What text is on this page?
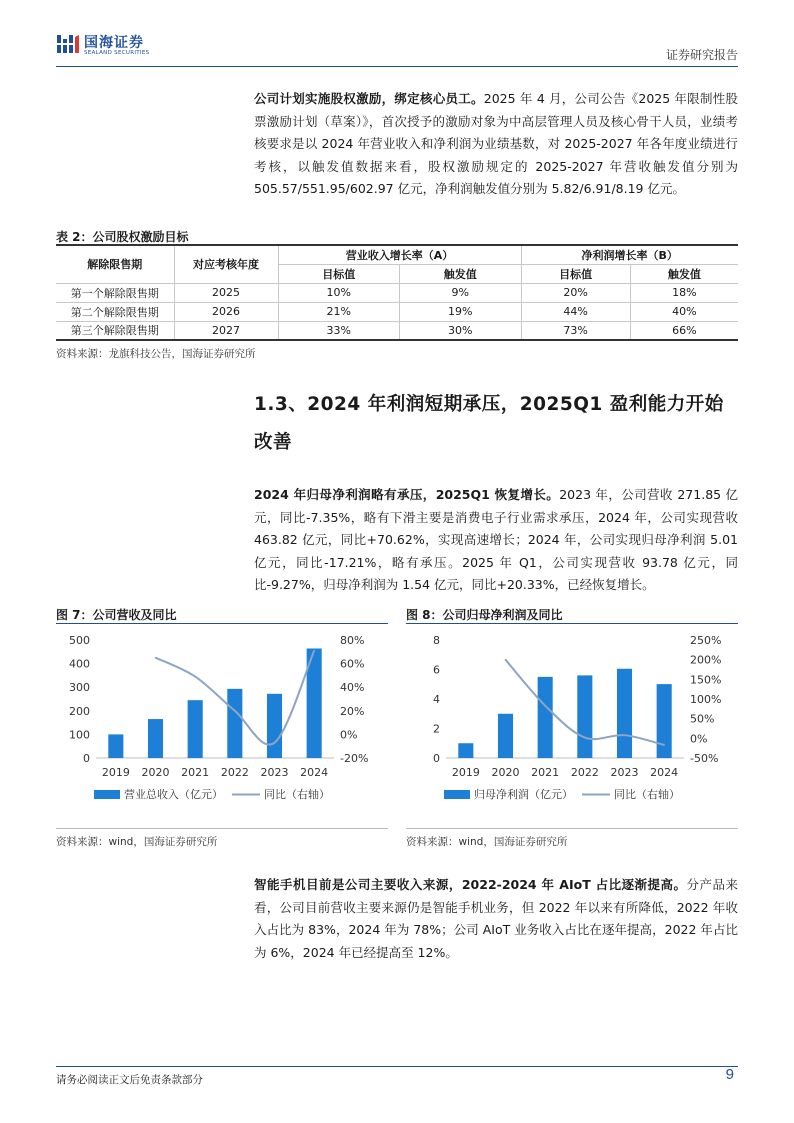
国海证券
SEALAND SECURITIES	证券研究报告

公司计划实施股权激励，绑定核心员工。2025 年 4 月，公司公告《2025 年限制性股票激励计划（草案）》，首次授予的激励对象为中高层管理人员及核心骨干人员，业绩考核要求是以 2024 年营业收入和净利润为业绩基数，对 2025-2027 年各年度业绩进行考核，以触发值数据来看，股权激励规定的 2025-2027 年营收触发值分别为 505.57/551.95/602.97 亿元，净利润触发值分别为 5.82/6.91/8.19 亿元。

表 2：公司股权激励目标
解除限售期	对应考核年度	营业收入增长率（A）		净利润增长率（B）	
		目标值	触发值	目标值	触发值
第一个解除限售期	2025	10%	9%	20%	18%
第二个解除限售期	2026	21%	19%	44%	40%
第三个解除限售期	2027	33%	30%	73%	66%
资料来源：龙旗科技公告，国海证券研究所
1.3、2024 年利润短期承压，2025Q1 盈利能力开始改善

2024 年归母净利润略有承压，2025Q1 恢复增长。2023 年，公司营收 271.85 亿元，同比-7.35%，略有下滑主要是消费电子行业需求承压，2024 年，公司实现营收 463.82 亿元，同比+70.62%，实现高速增长；2024 年，公司实现归母净利润 5.01 亿元，同比-17.21%，略有承压。2025 年 Q1，公司实现营收 93.78 亿元，同比-9.27%，归母净利润为 1.54 亿元，同比+20.33%，已经恢复增长。

图 7：公司营收及同比	图 8：公司归母净利润及同比
0
100
200
300
400
500
-20%
0%
20%
40%
60%
80%
2019 2020 2021 2022 2023 2024
营业总收入（亿元）	同比（右轴）
0
2
4
6
8
-50%
0%
50%
100%
150%
200%
250%
2019 2020 2021 2022 2023 2024
归母净利润（亿元）	同比（右轴）
资料来源：wind，国海证券研究所	资料来源：wind，国海证券研究所

智能手机目前是公司主要收入来源，2022-2024 年 AIoT 占比逐渐提高。分产品来看，公司目前营收主要来源仍是智能手机业务，但 2022 年以来有所降低，2022 年收入占比为 83%，2024 年为 78%；公司 AIoT 业务收入占比在逐年提高，2022 年占比为 6%，2024 年已经提高至 12%。

请务必阅读正文后免责条款部分	9
